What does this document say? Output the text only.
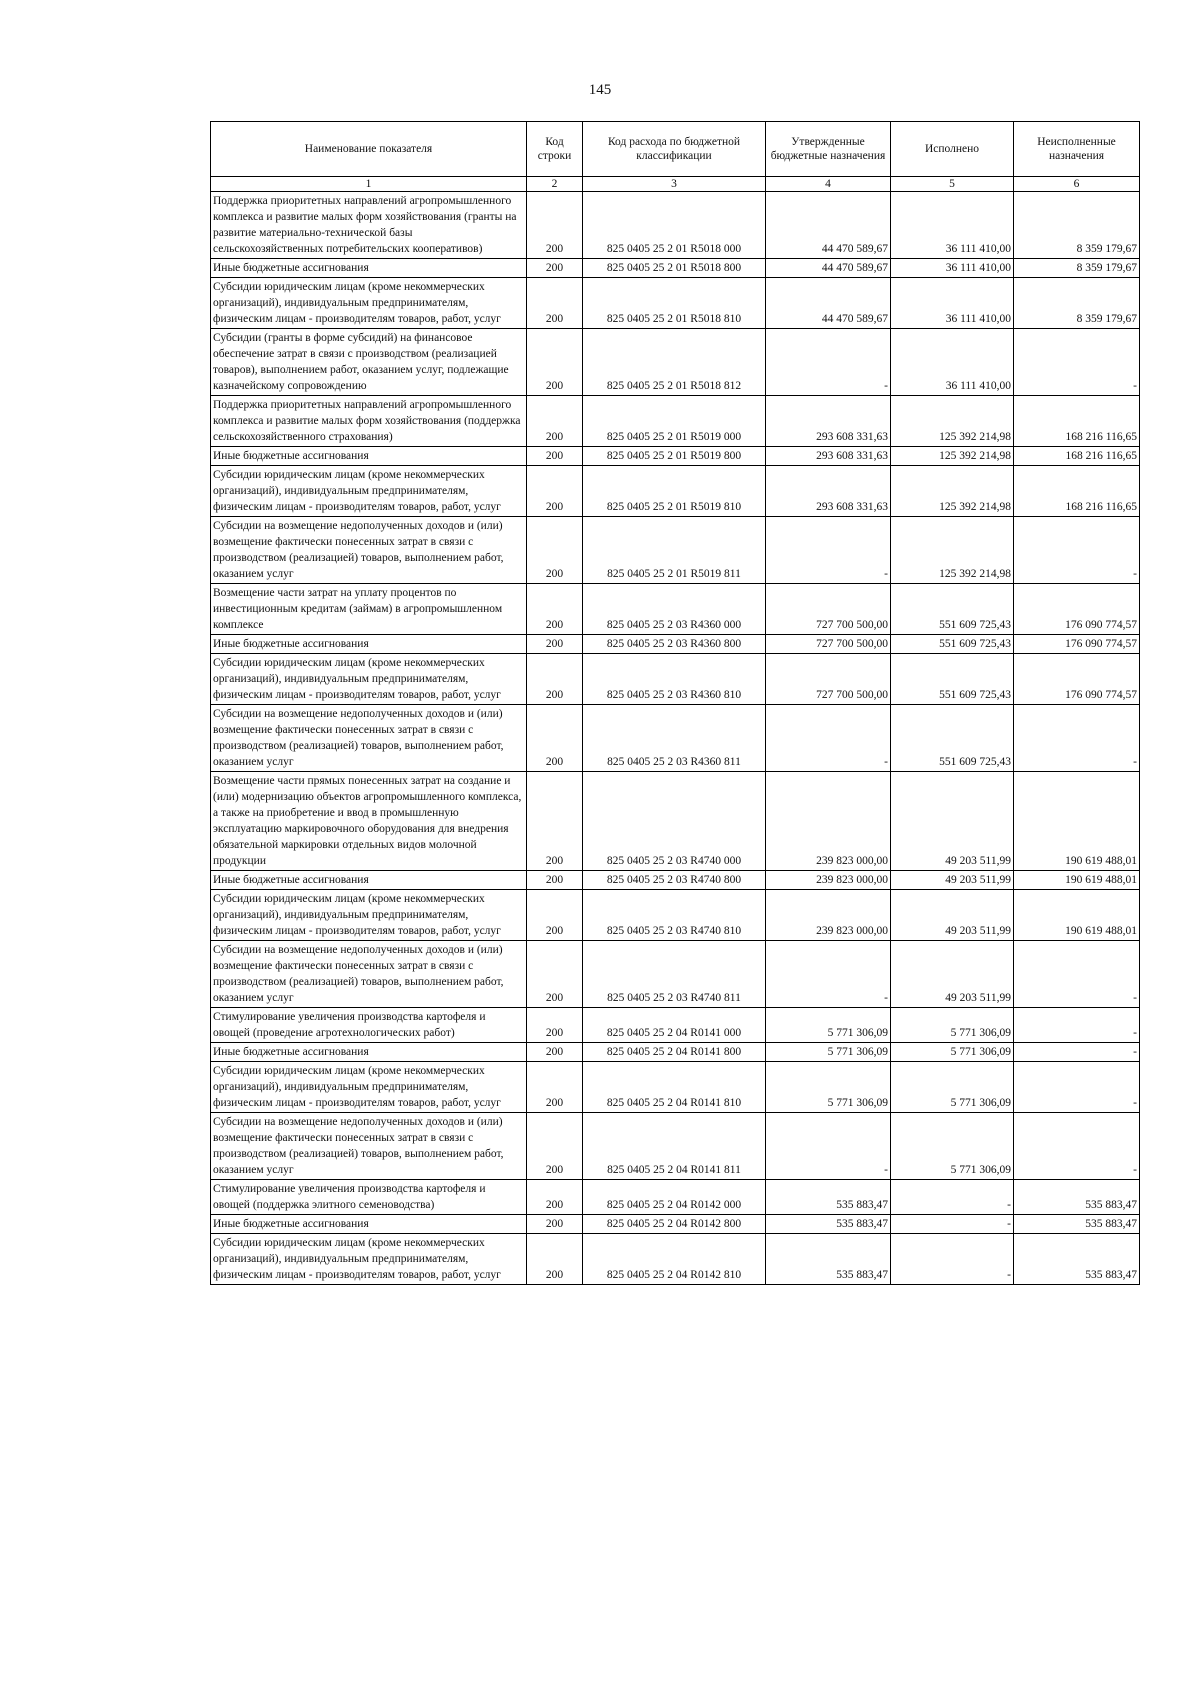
145
Наименование показателя	Код строки	Код расхода по бюджетной классификации	Утвержденные бюджетные назначения	Исполнено	Неисполненные назначения
1	2	3	4	5	6
Поддержка приоритетных направлений агропромышленного комплекса и развитие малых форм хозяйствования (гранты на развитие материально-технической базы сельскохозяйственных потребительских кооперативов)	200	825 0405 25 2 01 R5018 000	44 470 589,67	36 111 410,00	8 359 179,67
Иные бюджетные ассигнования	200	825 0405 25 2 01 R5018 800	44 470 589,67	36 111 410,00	8 359 179,67
Субсидии юридическим лицам (кроме некоммерческих организаций), индивидуальным предпринимателям, физическим лицам - производителям товаров, работ, услуг	200	825 0405 25 2 01 R5018 810	44 470 589,67	36 111 410,00	8 359 179,67
Субсидии (гранты в форме субсидий) на финансовое обеспечение затрат в связи с производством (реализацией товаров), выполнением работ, оказанием услуг, подлежащие казначейскому сопровождению	200	825 0405 25 2 01 R5018 812	-	36 111 410,00	-
Поддержка приоритетных направлений агропромышленного комплекса и развитие малых форм хозяйствования (поддержка сельскохозяйственного страхования)	200	825 0405 25 2 01 R5019 000	293 608 331,63	125 392 214,98	168 216 116,65
Иные бюджетные ассигнования	200	825 0405 25 2 01 R5019 800	293 608 331,63	125 392 214,98	168 216 116,65
Субсидии юридическим лицам (кроме некоммерческих организаций), индивидуальным предпринимателям, физическим лицам - производителям товаров, работ, услуг	200	825 0405 25 2 01 R5019 810	293 608 331,63	125 392 214,98	168 216 116,65
Субсидии на возмещение недополученных доходов и (или) возмещение фактически понесенных затрат в связи с производством (реализацией) товаров, выполнением работ, оказанием услуг	200	825 0405 25 2 01 R5019 811	-	125 392 214,98	-
Возмещение части затрат на уплату процентов по инвестиционным кредитам (займам) в агропромышленном комплексе	200	825 0405 25 2 03 R4360 000	727 700 500,00	551 609 725,43	176 090 774,57
Иные бюджетные ассигнования	200	825 0405 25 2 03 R4360 800	727 700 500,00	551 609 725,43	176 090 774,57
Субсидии юридическим лицам (кроме некоммерческих организаций), индивидуальным предпринимателям, физическим лицам - производителям товаров, работ, услуг	200	825 0405 25 2 03 R4360 810	727 700 500,00	551 609 725,43	176 090 774,57
Субсидии на возмещение недополученных доходов и (или) возмещение фактически понесенных затрат в связи с производством (реализацией) товаров, выполнением работ, оказанием услуг	200	825 0405 25 2 03 R4360 811	-	551 609 725,43	-
Возмещение части прямых понесенных затрат на создание и (или) модернизацию объектов агропромышленного комплекса, а также на приобретение и ввод в промышленную эксплуатацию маркировочного оборудования для внедрения обязательной маркировки отдельных видов молочной продукции	200	825 0405 25 2 03 R4740 000	239 823 000,00	49 203 511,99	190 619 488,01
Иные бюджетные ассигнования	200	825 0405 25 2 03 R4740 800	239 823 000,00	49 203 511,99	190 619 488,01
Субсидии юридическим лицам (кроме некоммерческих организаций), индивидуальным предпринимателям, физическим лицам - производителям товаров, работ, услуг	200	825 0405 25 2 03 R4740 810	239 823 000,00	49 203 511,99	190 619 488,01
Субсидии на возмещение недополученных доходов и (или) возмещение фактически понесенных затрат в связи с производством (реализацией) товаров, выполнением работ, оказанием услуг	200	825 0405 25 2 03 R4740 811	-	49 203 511,99	-
Стимулирование увеличения производства картофеля и овощей (проведение агротехнологических работ)	200	825 0405 25 2 04 R0141 000	5 771 306,09	5 771 306,09	-
Иные бюджетные ассигнования	200	825 0405 25 2 04 R0141 800	5 771 306,09	5 771 306,09	-
Субсидии юридическим лицам (кроме некоммерческих организаций), индивидуальным предпринимателям, физическим лицам - производителям товаров, работ, услуг	200	825 0405 25 2 04 R0141 810	5 771 306,09	5 771 306,09	-
Субсидии на возмещение недополученных доходов и (или) возмещение фактически понесенных затрат в связи с производством (реализацией) товаров, выполнением работ, оказанием услуг	200	825 0405 25 2 04 R0141 811	-	5 771 306,09	-
Стимулирование увеличения производства картофеля и овощей (поддержка элитного семеноводства)	200	825 0405 25 2 04 R0142 000	535 883,47	-	535 883,47
Иные бюджетные ассигнования	200	825 0405 25 2 04 R0142 800	535 883,47	-	535 883,47
Субсидии юридическим лицам (кроме некоммерческих организаций), индивидуальным предпринимателям, физическим лицам - производителям товаров, работ, услуг	200	825 0405 25 2 04 R0142 810	535 883,47	-	535 883,47
